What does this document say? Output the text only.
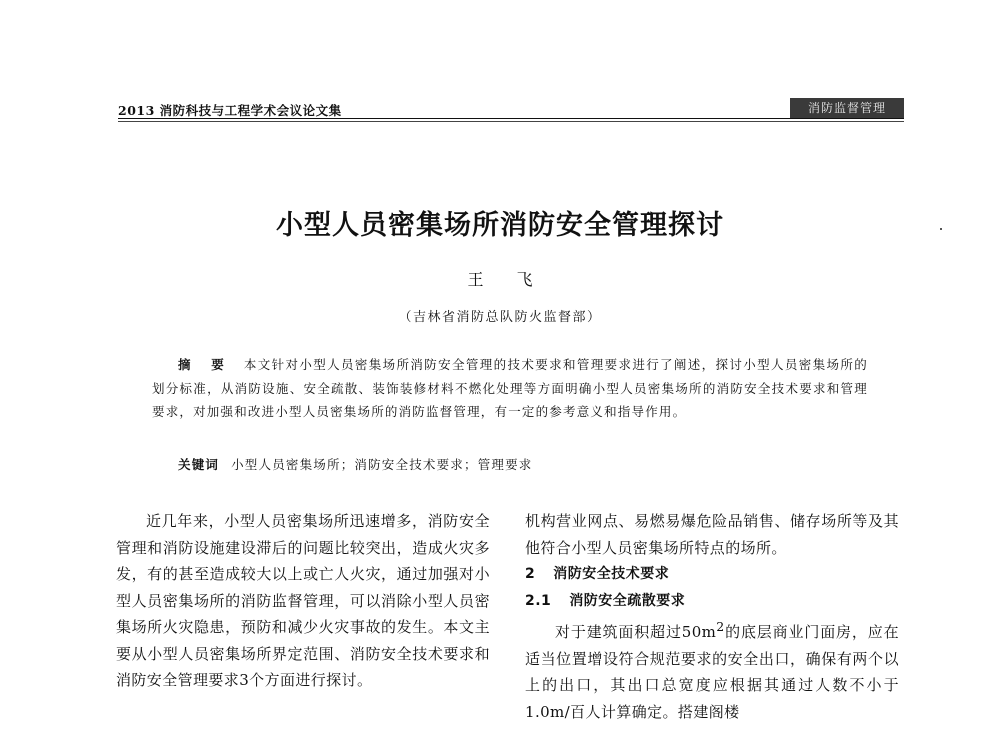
2013 消防科技与工程学术会议论文集	消防监督管理
小型人员密集场所消防安全管理探讨
王 飞
（吉林省消防总队防火监督部）
摘 要 本文针对小型人员密集场所消防安全管理的技术要求和管理要求进行了阐述，探讨小型人员密集场所的划分标准，从消防设施、安全疏散、装饰装修材料不燃化处理等方面明确小型人员密集场所的消防安全技术要求和管理要求，对加强和改进小型人员密集场所的消防监督管理，有一定的参考意义和指导作用。
关键词 小型人员密集场所；消防安全技术要求；管理要求

近几年来，小型人员密集场所迅速增多，消防安全管理和消防设施建设滞后的问题比较突出，造成火灾多发，有的甚至造成较大以上或亡人火灾，通过加强对小型人员密集场所的消防监督管理，可以消除小型人员密集场所火灾隐患，预防和减少火灾事故的发生。本文主要从小型人员密集场所界定范围、消防安全技术要求和消防安全管理要求3个方面进行探讨。

机构营业网点、易燃易爆危险品销售、储存场所等及其他符合小型人员密集场所特点的场所。

2 消防安全技术要求

2.1 消防安全疏散要求

对于建筑面积超过$50m^2$的底层商业门面房，应在适当位置增设符合规范要求的安全出口，确保有两个以上的出口，其出口总宽度应根据其通过人数不小于1.0m/百人计算确定。搭建阁楼
